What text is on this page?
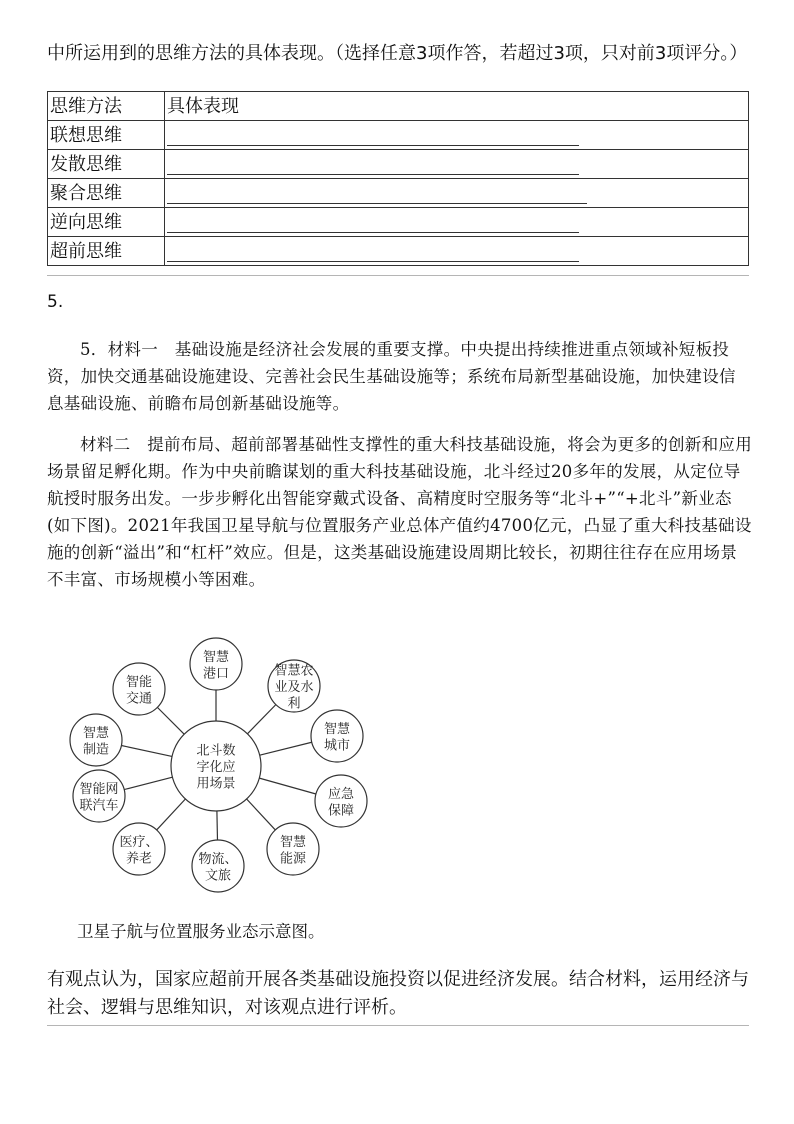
中所运用到的思维方法的具体表现。（选择任意3项作答，若超过3项，只对前3项评分。）
思维方法	具体表现
联想思维	
发散思维	
聚合思维	
逆向思维	
超前思维	
5.
5．材料一　基础设施是经济社会发展的重要支撑。中央提出持续推进重点领域补短板投资，加快交通基础设施建设、完善社会民生基础设施等；系统布局新型基础设施，加快建设信息基础设施、前瞻布局创新基础设施等。
材料二　提前布局、超前部署基础性支撑性的重大科技基础设施，将会为更多的创新和应用场景留足孵化期。作为中央前瞻谋划的重大科技基础设施，北斗经过20多年的发展，从定位导航授时服务出发。一步步孵化出智能穿戴式设备、高精度时空服务等“北斗+”“+北斗”新业态(如下图)。2021年我国卫星导航与位置服务产业总体产值约4700亿元，凸显了重大科技基础设施的创新“溢出”和“杠杆”效应。但是，这类基础设施建设周期比较长，初期往往存在应用场景不丰富、市场规模小等困难。
北斗数
字化应
用场景
智慧
港口	智慧农
业及水
利
智慧
城市
应急
保障
智慧
能源
物流、
文旅
医疗、
养老
智能网
联汽车
智慧
制造
智能
交通
卫星子航与位置服务业态示意图。
有观点认为，国家应超前开展各类基础设施投资以促进经济发展。结合材料，运用经济与社会、逻辑与思维知识，对该观点进行评析。
